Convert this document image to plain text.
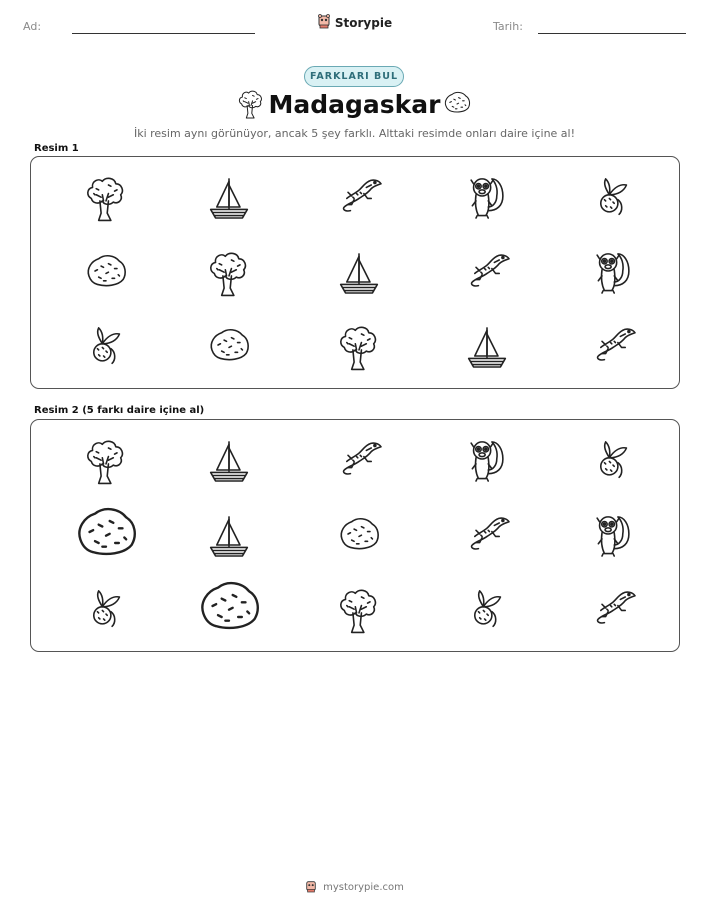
Ad:	Storypie	Tarih:
FARKLARI BUL
Madagaskar
İki resim aynı görünüyor, ancak 5 şey farklı. Alttaki resimde onları daire içine al!
Resim 1
Resim 2 (5 farkı daire içine al)
mystorypie.com
